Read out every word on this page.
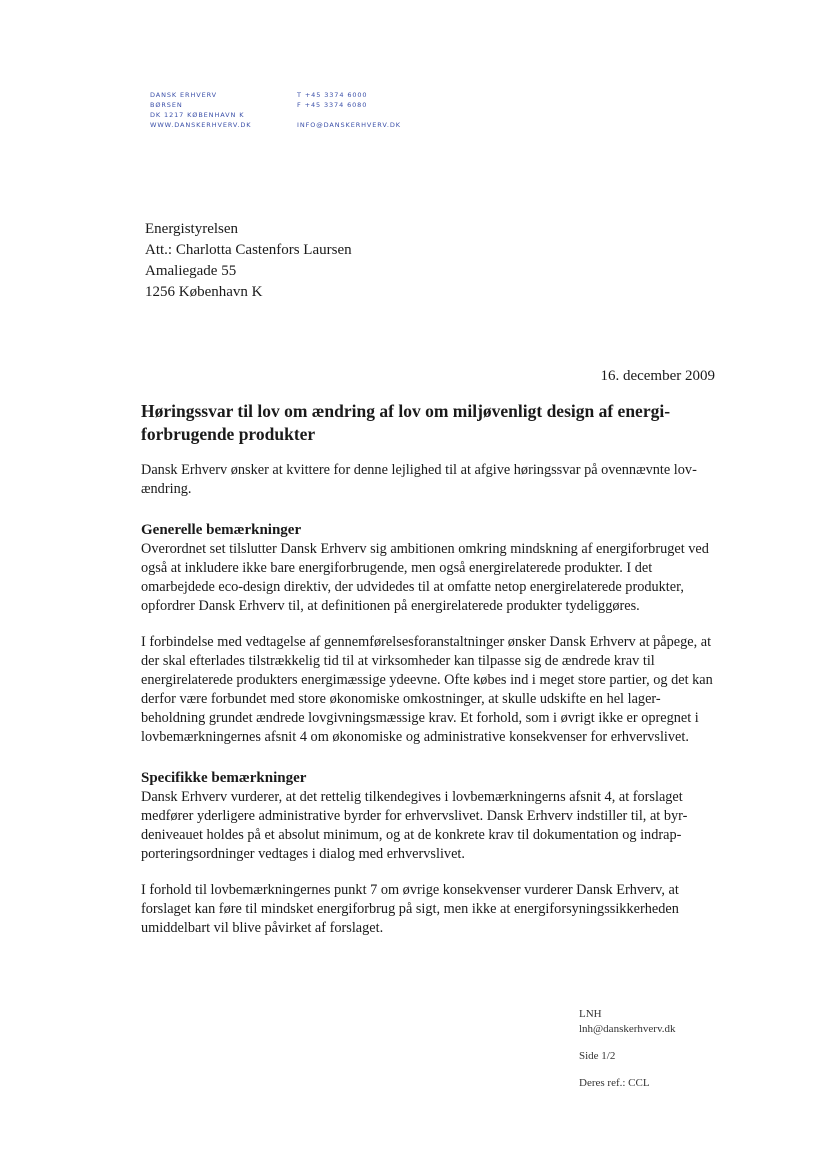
DANSK ERHVERV
BØRSEN
DK 1217 KØBENHAVN K
WWW.DANSKERHVERV.DK
T +45 3374 6000
F +45 3374 6080
INFO@DANSKERHVERV.DK
Energistyrelsen
Att.: Charlotta Castenfors Laursen
Amaliegade 55
1256 København K
16. december 2009
Høringssvar til lov om ændring af lov om miljøvenligt design af energi-forbrugende produkter

Dansk Erhverv ønsker at kvittere for denne lejlighed til at afgive høringssvar på ovennævnte lov-ændring.

Generelle bemærkninger

Overordnet set tilslutter Dansk Erhverv sig ambitionen omkring mindskning af energiforbruget ved også at inkludere ikke bare energiforbrugende, men også energirelaterede produkter. I det omarbejdede eco-design direktiv, der udvidedes til at omfatte netop energirelaterede produkter, opfordrer Dansk Erhverv til, at definitionen på energirelaterede produkter tydeliggøres.

I forbindelse med vedtagelse af gennemførelsesforanstaltninger ønsker Dansk Erhverv at påpege, at der skal efterlades tilstrækkelig tid til at virksomheder kan tilpasse sig de ændrede krav til energirelaterede produkters energimæssige ydeevne. Ofte købes ind i meget store partier, og det kan derfor være forbundet med store økonomiske omkostninger, at skulle udskifte en hel lager-beholdning grundet ændrede lovgivningsmæssige krav. Et forhold, som i øvrigt ikke er opregnet i lovbemærkningernes afsnit 4 om økonomiske og administrative konsekvenser for erhvervslivet.

Specifikke bemærkninger

Dansk Erhverv vurderer, at det rettelig tilkendegives i lovbemærkningerns afsnit 4, at forslaget medfører yderligere administrative byrder for erhvervslivet. Dansk Erhverv indstiller til, at byr-deniveauet holdes på et absolut minimum, og at de konkrete krav til dokumentation og indrap-porteringsordninger vedtages i dialog med erhvervslivet.

I forhold til lovbemærkningernes punkt 7 om øvrige konsekvenser vurderer Dansk Erhverv, at forslaget kan føre til mindsket energiforbrug på sigt, men ikke at energiforsyningssikkerheden umiddelbart vil blive påvirket af forslaget.

LNH
lnh@danskerhverv.dk
Side 1/2
Deres ref.: CCL
